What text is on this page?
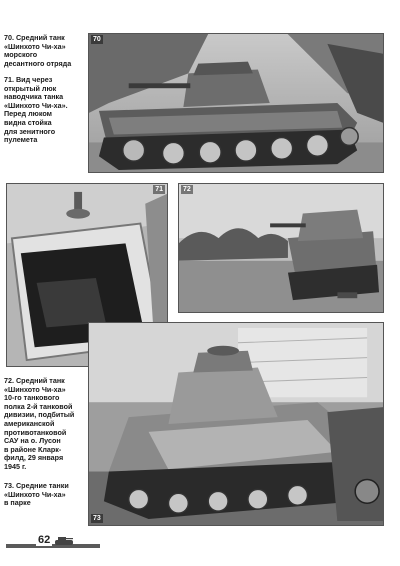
70. Средний танк
«Шинхото Чи-ха»
морского
десантного отряда
71. Вид через
открытый люк
наводчика танка
«Шинхото Чи-ха».
Перед люком
видна стойка
для зенитного
пулемета
70
71	72
72. Средний танк
«Шинхото Чи-ха»
10-го танкового
полка 2-й танковой
дивизии, подбитый
американской
противотанковой
САУ на о. Лусон
в районе Кларк-
филд, 29 января
1945 г.
73. Средние танки
«Шинхото Чи-ха»
в парке
73
62
